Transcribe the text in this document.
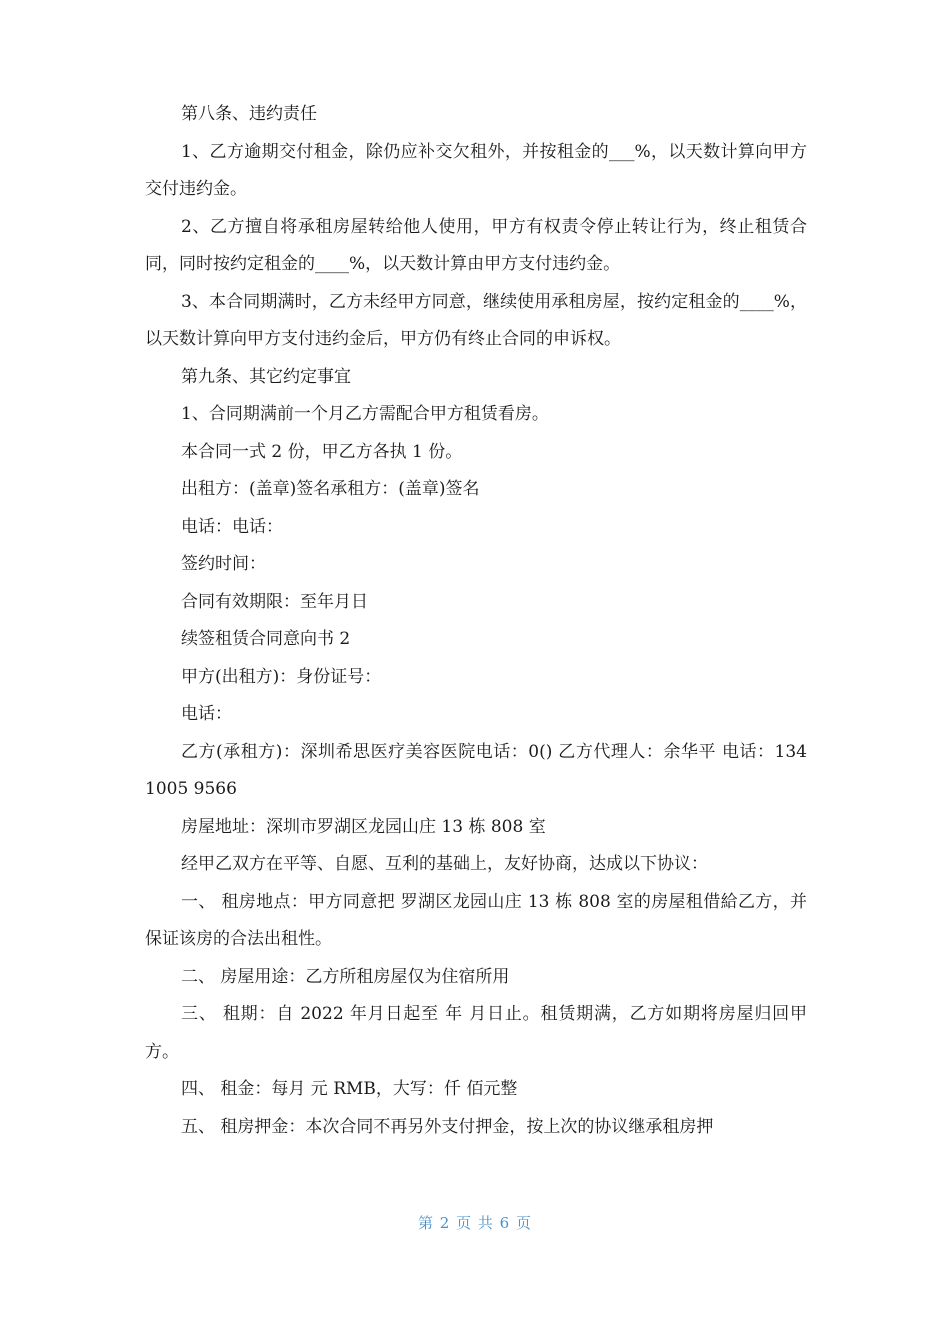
第八条、违约责任

1、乙方逾期交付租金，除仍应补交欠租外，并按租金的___%，以天数计算向甲方交付违约金。

2、乙方擅自将承租房屋转给他人使用，甲方有权责令停止转让行为，终止租赁合同，同时按约定租金的____%，以天数计算由甲方支付违约金。

3、本合同期满时，乙方未经甲方同意，继续使用承租房屋，按约定租金的____%，以天数计算向甲方支付违约金后，甲方仍有终止合同的申诉权。

第九条、其它约定事宜

1、合同期满前一个月乙方需配合甲方租赁看房。

本合同一式 2 份，甲乙方各执 1 份。

出租方：(盖章)签名承租方：(盖章)签名

电话：电话：

签约时间：

合同有效期限：至年月日

续签租赁合同意向书 2

甲方(出租方)：身份证号：

电话：

乙方(承租方)：深圳希思医疗美容医院电话：0() 乙方代理人：余华平 电话：134 1005 9566

房屋地址：深圳市罗湖区龙园山庄 13 栋 808 室

经甲乙双方在平等、自愿、互利的基础上，友好协商，达成以下协议：

一、 租房地点：甲方同意把 罗湖区龙园山庄 13 栋 808 室的房屋租借給乙方，并保证该房的合法出租性。

二、 房屋用途：乙方所租房屋仅为住宿所用

三、 租期：自 2022 年月日起至 年 月日止。租赁期满，乙方如期将房屋归回甲方。

四、 租金：每月 元 RMB，大写：仟 佰元整

五、 租房押金：本次合同不再另外支付押金，按上次的协议继承租房押

第 2 页 共 6 页
